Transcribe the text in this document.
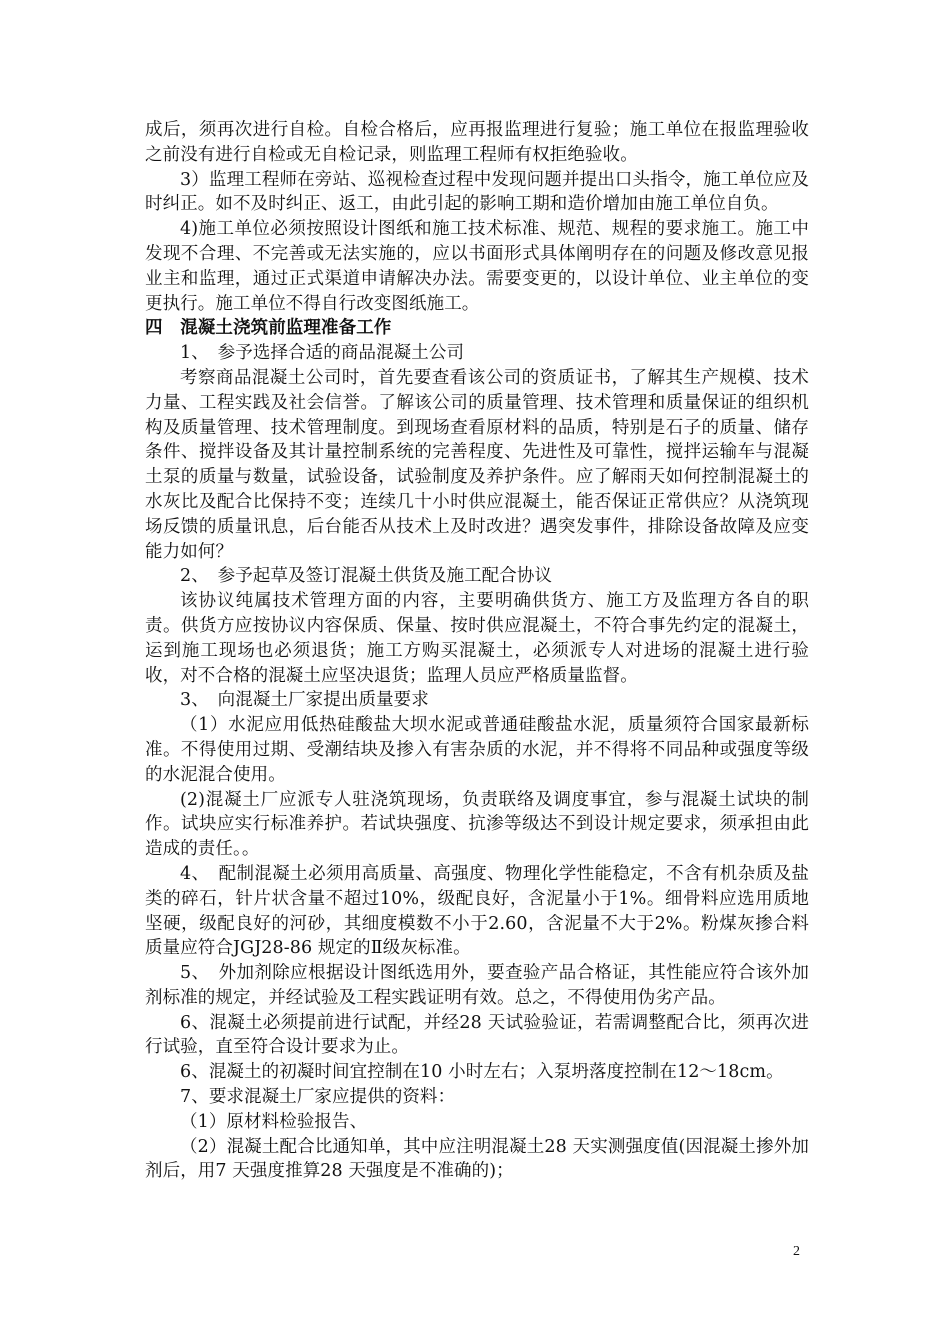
成后，须再次进行自检。自检合格后，应再报监理进行复验；施工单位在报监理验收之前没有进行自检或无自检记录，则监理工程师有权拒绝验收。

3）监理工程师在旁站、巡视检查过程中发现问题并提出口头指令，施工单位应及时纠正。如不及时纠正、返工，由此引起的影响工期和造价增加由施工单位自负。

4)施工单位必须按照设计图纸和施工技术标准、规范、规程的要求施工。施工中发现不合理、不完善或无法实施的，应以书面形式具体阐明存在的问题及修改意见报业主和监理，通过正式渠道申请解决办法。需要变更的，以设计单位、业主单位的变更执行。施工单位不得自行改变图纸施工。

四　混凝土浇筑前监理准备工作

1、　参予选择合适的商品混凝土公司

考察商品混凝土公司时，首先要查看该公司的资质证书，了解其生产规模、技术力量、工程实践及社会信誉。了解该公司的质量管理、技术管理和质量保证的组织机构及质量管理、技术管理制度。到现场查看原材料的品质，特别是石子的质量、储存条件、搅拌设备及其计量控制系统的完善程度、先进性及可靠性，搅拌运输车与混凝土泵的质量与数量，试验设备，试验制度及养护条件。应了解雨天如何控制混凝土的水灰比及配合比保持不变；连续几十小时供应混凝土，能否保证正常供应？从浇筑现场反馈的质量讯息，后台能否从技术上及时改进？遇突发事件，排除设备故障及应变能力如何？

2、　参予起草及签订混凝土供货及施工配合协议

该协议纯属技术管理方面的内容，主要明确供货方、施工方及监理方各自的职责。供货方应按协议内容保质、保量、按时供应混凝土，不符合事先约定的混凝土，运到施工现场也必须退货；施工方购买混凝土，必须派专人对进场的混凝土进行验收，对不合格的混凝土应坚决退货；监理人员应严格质量监督。

3、　向混凝土厂家提出质量要求

（1）水泥应用低热硅酸盐大坝水泥或普通硅酸盐水泥，质量须符合国家最新标准。不得使用过期、受潮结块及掺入有害杂质的水泥，并不得将不同品种或强度等级的水泥混合使用。

(2)混凝土厂应派专人驻浇筑现场，负责联络及调度事宜，参与混凝土试块的制作。试块应实行标准养护。若试块强度、抗渗等级达不到设计规定要求，须承担由此造成的责任。。

4、　配制混凝土必须用高质量、高强度、物理化学性能稳定，不含有机杂质及盐类的碎石，针片状含量不超过10%，级配良好，含泥量小于1%。细骨料应选用质地坚硬，级配良好的河砂，其细度模数不小于2.60，含泥量不大于2%。粉煤灰掺合料质量应符合JGJ28-86 规定的Ⅱ级灰标准。

5、　外加剂除应根据设计图纸选用外，要查验产品合格证，其性能应符合该外加剂标准的规定，并经试验及工程实践证明有效。总之，不得使用伪劣产品。

6、混凝土必须提前进行试配，并经28 天试验验证，若需调整配合比，须再次进行试验，直至符合设计要求为止。

6、混凝土的初凝时间宜控制在10 小时左右；入泵坍落度控制在12～18cm。

7、要求混凝土厂家应提供的资料：

（1）原材料检验报告、

（2）混凝土配合比通知单，其中应注明混凝土28 天实测强度值(因混凝土掺外加剂后，用7 天强度推算28 天强度是不准确的)；

2
